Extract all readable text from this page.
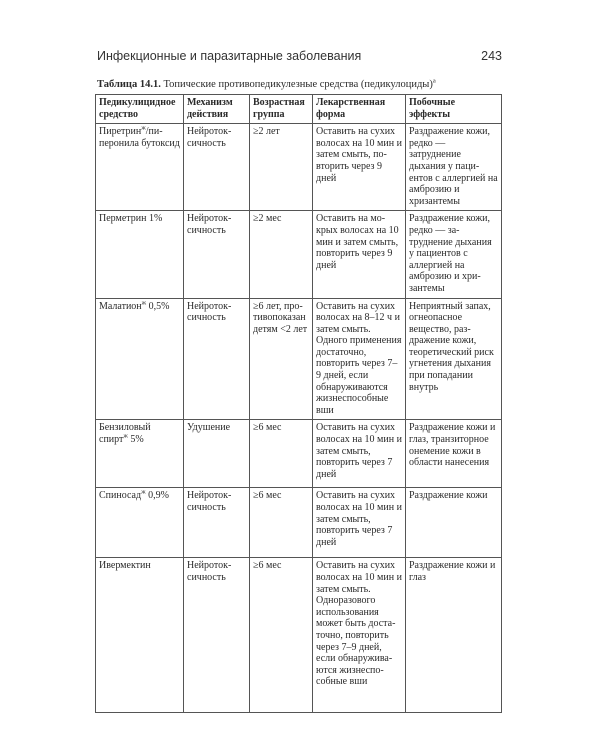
Инфекционные и паразитарные заболевания	243
Таблица 14.1. Топические противопедикулезные средства (педикулоциды)$^а$
Педикулицидное средство	Механизм действия	Возрастная группа	Лекарственная форма	Побочные эффекты
Пиретрин$^ж$/пиперонила бутоксид	Нейротоксичность	≥2 лет	Оставить на сухих волосах на 10 мин и затем смыть, повторить через 9 дней	Раздражение кожи, редко — затруднение дыхания у пациентов с аллергией на амброзию и хризантемы
Перметрин 1%	Нейротоксичность	≥2 мес	Оставить на мокрых волосах на 10 мин и затем смыть, повторить через 9 дней	Раздражение кожи, редко — затруднение дыхания у пациентов с аллергией на амброзию и хризантемы
Малатион$^ж$ 0,5%	Нейротоксичность	≥6 лет, противопоказан детям <2 лет	Оставить на сухих волосах на 8–12 ч и затем смыть. Одного применения достаточно, повторить через 7–9 дней, если обнаруживаются жизнеспособные вши	Неприятный запах, огнеопасное вещество, раздражение кожи, теоретический риск угнетения дыхания при попадании внутрь
Бензиловый спирт$^ж$ 5%	Удушение	≥6 мес	Оставить на сухих волосах на 10 мин и затем смыть, повторить через 7 дней	Раздражение кожи и глаз, транзиторное онемение кожи в области нанесения
Спиносад$^ж$ 0,9%	Нейротоксичность	≥6 мес	Оставить на сухих волосах на 10 мин и затем смыть, повторить через 7 дней	Раздражение кожи
Ивермектин	Нейротоксичность	≥6 мес	Оставить на сухих волосах на 10 мин и затем смыть. Одноразового использования может быть достаточно, повторить через 7–9 дней, если обнаруживаются жизнеспособные вши	Раздражение кожи и глаз
